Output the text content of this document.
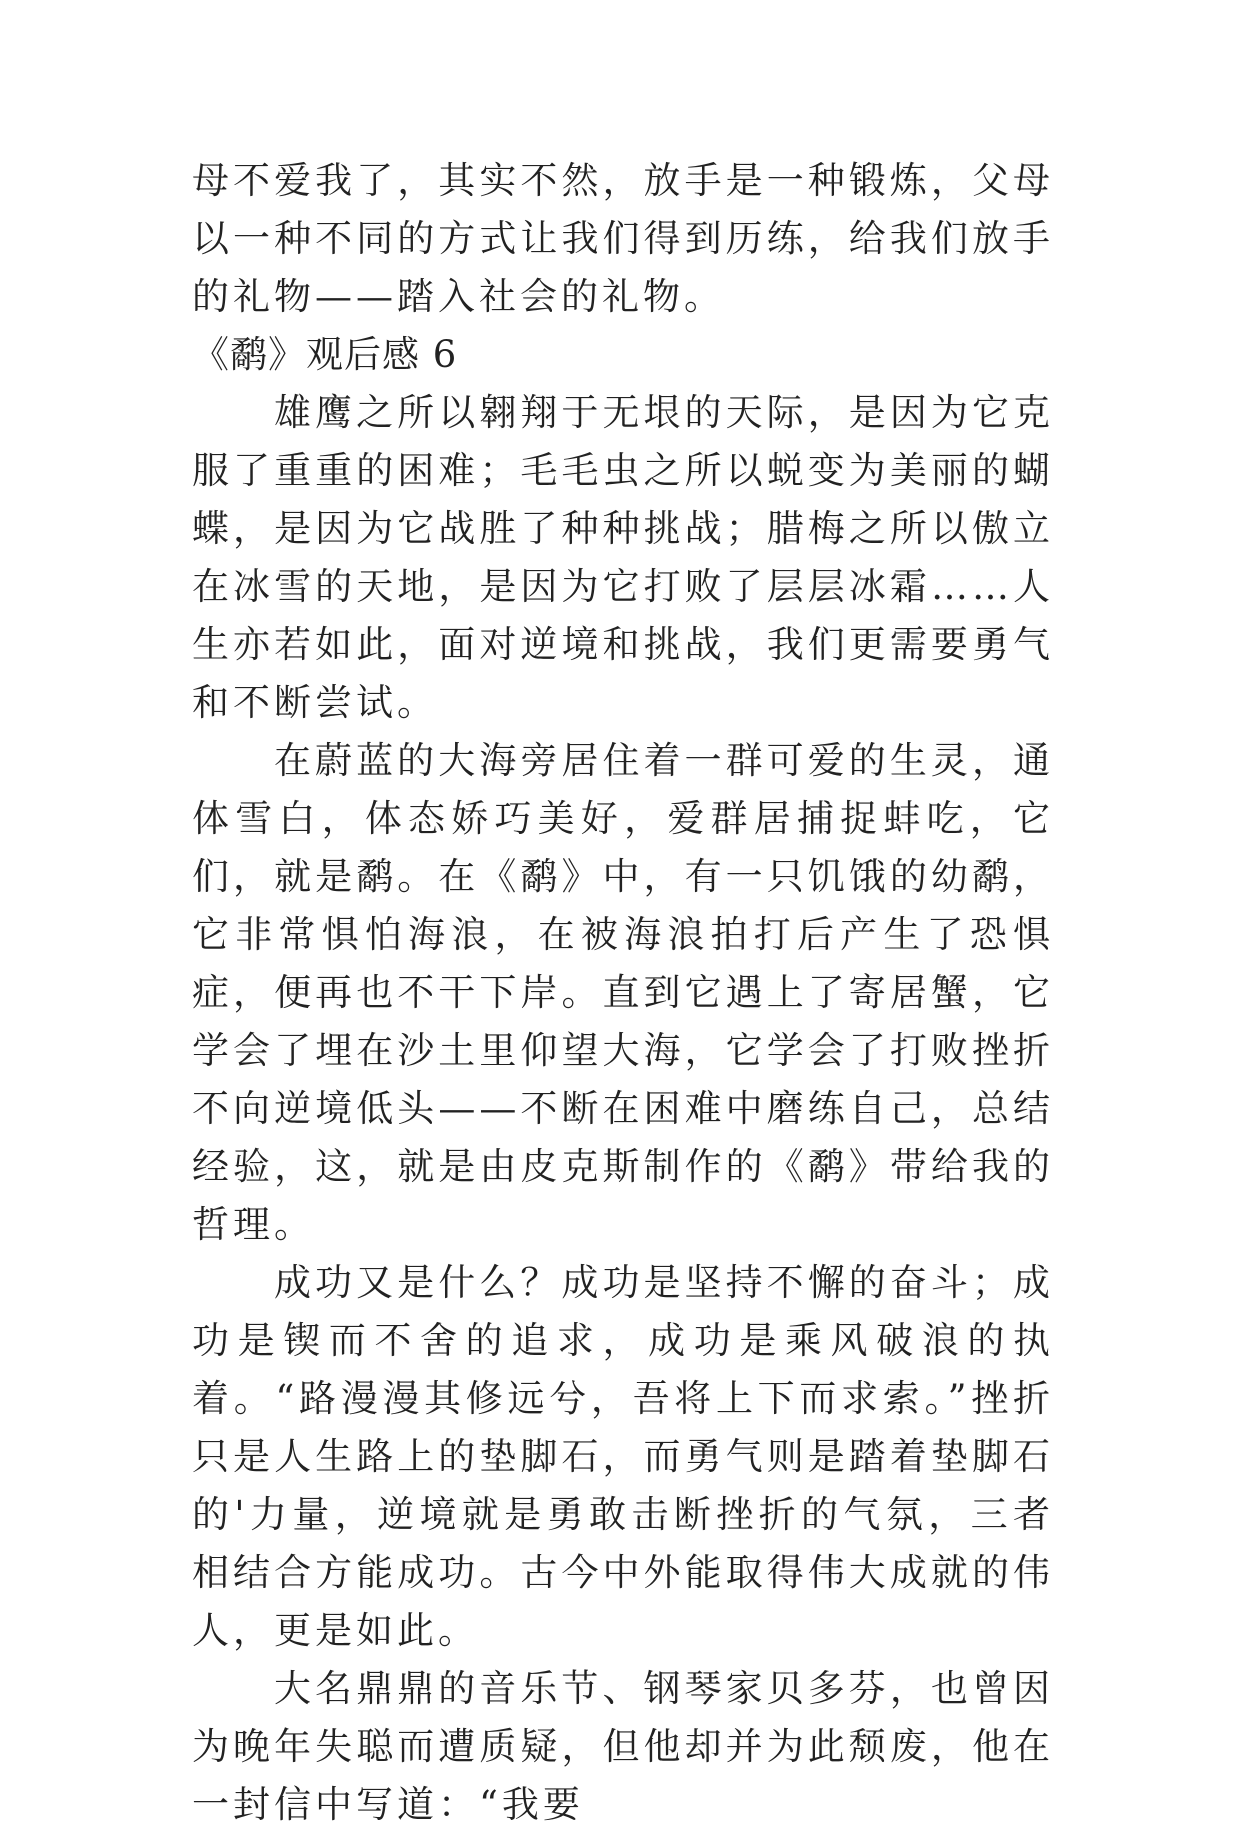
母不爱我了，其实不然，放手是一种锻炼，父母以一种不同的方式让我们得到历练，给我们放手的礼物——踏入社会的礼物。

《鹬》观后感 6

雄鹰之所以翱翔于无垠的天际，是因为它克服了重重的困难；毛毛虫之所以蜕变为美丽的蝴蝶，是因为它战胜了种种挑战；腊梅之所以傲立在冰雪的天地，是因为它打败了层层冰霜……人生亦若如此，面对逆境和挑战，我们更需要勇气和不断尝试。

在蔚蓝的大海旁居住着一群可爱的生灵，通体雪白，体态娇巧美好，爱群居捕捉蚌吃，它们，就是鹬。在《鹬》中，有一只饥饿的幼鹬，它非常惧怕海浪，在被海浪拍打后产生了恐惧症，便再也不干下岸。直到它遇上了寄居蟹，它学会了埋在沙土里仰望大海，它学会了打败挫折不向逆境低头——不断在困难中磨练自己，总结经验，这，就是由皮克斯制作的《鹬》带给我的哲理。

成功又是什么？成功是坚持不懈的奋斗；成功是锲而不舍的追求，成功是乘风破浪的执着。“路漫漫其修远兮，吾将上下而求索。”挫折只是人生路上的垫脚石，而勇气则是踏着垫脚石的'力量，逆境就是勇敢击断挫折的气氛，三者相结合方能成功。古今中外能取得伟大成就的伟人，更是如此。

大名鼎鼎的音乐节、钢琴家贝多芬，也曾因为晚年失聪而遭质疑，但他却并为此颓废，他在一封信中写道：“我要
